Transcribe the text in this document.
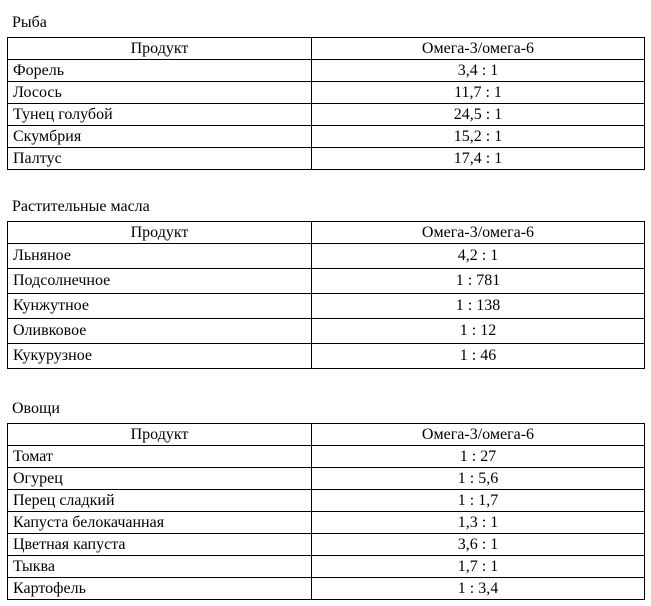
Рыба
Продукт	Омега-3/омега-6
Форель	3,4 : 1
Лосось	11,7 : 1
Тунец голубой	24,5 : 1
Скумбрия	15,2 : 1
Палтус	17,4 : 1
Растительные масла
Продукт	Омега-3/омега-6
Льняное	4,2 : 1
Подсолнечное	1 : 781
Кунжутное	1 : 138
Оливковое	1 : 12
Кукурузное	1 : 46
Овощи
Продукт	Омега-3/омега-6
Томат	1 : 27
Огурец	1 : 5,6
Перец сладкий	1 : 1,7
Капуста белокачанная	1,3 : 1
Цветная капуста	3,6 : 1
Тыква	1,7 : 1
Картофель	1 : 3,4
